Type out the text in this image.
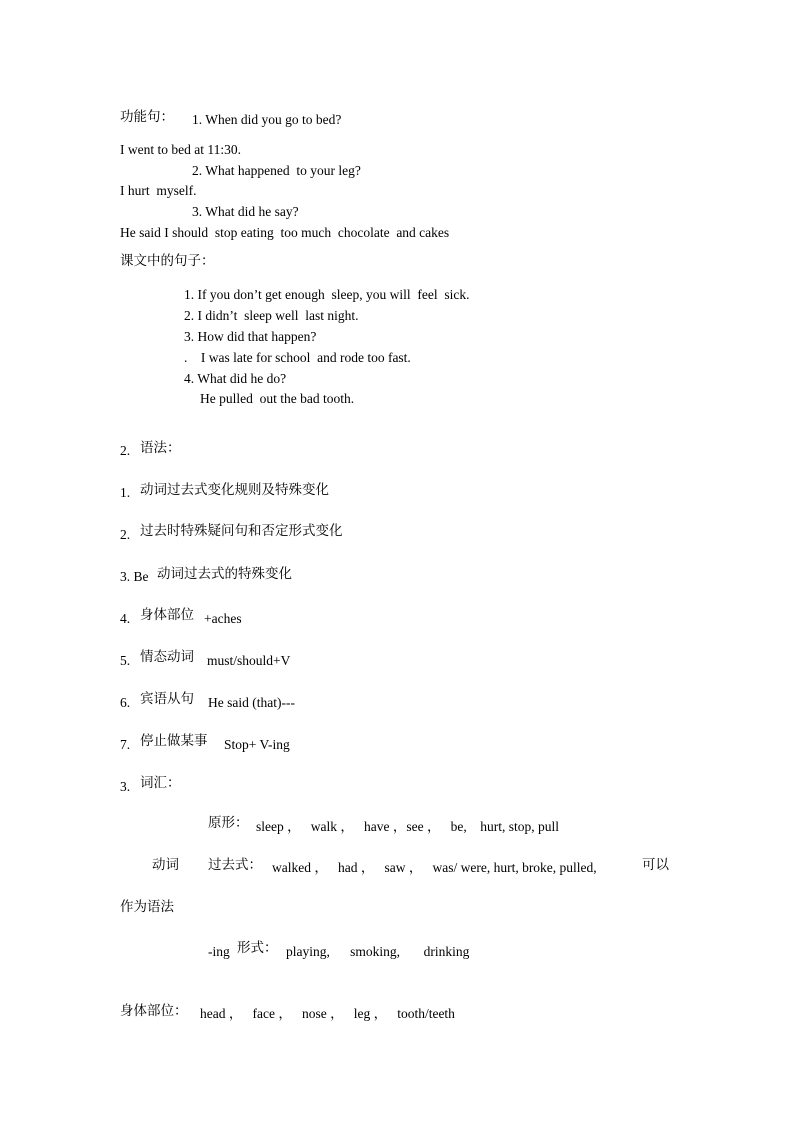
功能句： 1. When did you go to bed?
I went to bed at 11:30.
2. What happened  to your leg?
I hurt  myself.
3. What did he say?
He said I should  stop eating  too much  chocolate  and cakes
课文中的句子：
1. If you don’t get enough  sleep, you will  feel  sick.
2. I didn’t  sleep well  last night.
3. How did that happen?
.    I was late for school  and rode too fast.
4. What did he do?
He pulled  out the bad tooth.
2. 语法：
1. 动词过去式变化规则及特殊变化
2. 过去时特殊疑问句和否定形式变化
3. Be 动词过去式的特殊变化
4. 身体部位 +aches
5. 情态动词 must/should+V
6. 宾语从句 He said (that)---
7. 停止做某事 Stop+ V-ing
3. 词汇：
原形： sleep ，   walk ，   have ，see ，   be,    hurt, stop, pull
动词 过去式： walked ，   had ，   saw ，   was/ were, hurt, broke, pulled,	可以
作为语法
-ing 形式： playing,      smoking,       drinking
身体部位： head ，   face ，   nose ，   leg ，   tooth/teeth
